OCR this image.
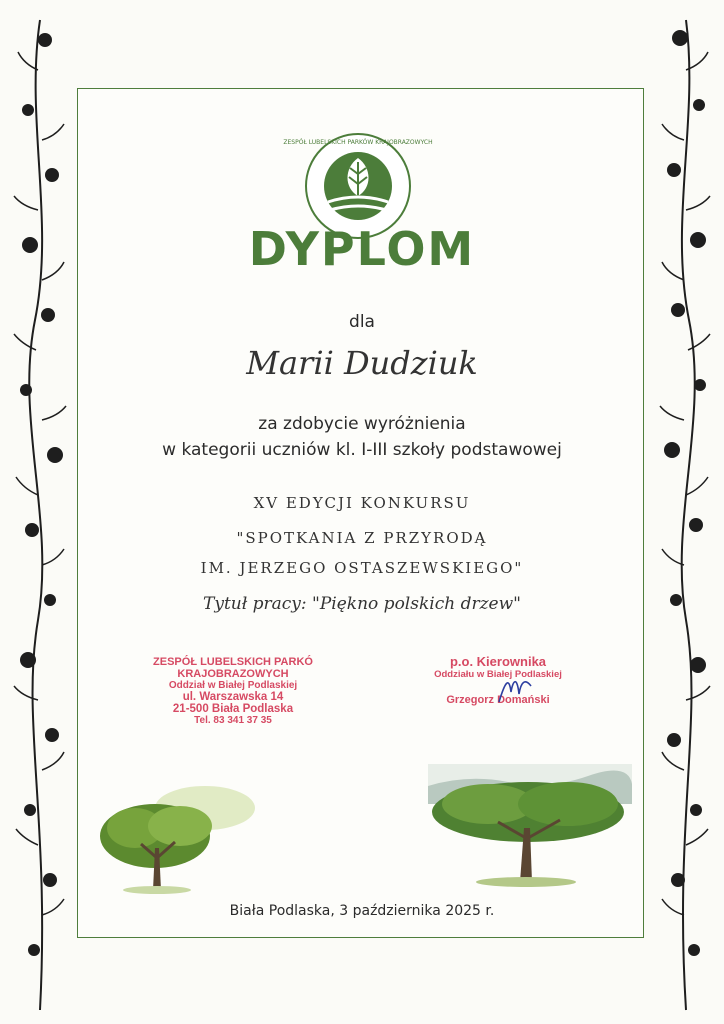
ZESPÓŁ LUBELSKICH PARKÓW KRAJOBRAZOWYCH
DYPLOM
dla
Marii Dudziuk
za zdobycie wyróżnienia
w kategorii uczniów kl. I-III szkoły podstawowej
XV EDYCJI KONKURSU
"SPOTKANIA Z PRZYRODĄ
IM. JERZEGO OSTASZEWSKIEGO"
Tytuł pracy: "Piękno polskich drzew"
ZESPÓŁ LUBELSKICH PARKÓ
KRAJOBRAZOWYCH
Oddział w Białej Podlaskiej
ul. Warszawska 14
21-500 Biała Podlaska
Tel. 83 341 37 35
p.o. Kierownika
Oddziału w Białej Podlaskiej
Grzegorz Domański
Biała Podlaska, 3 października 2025 r.
